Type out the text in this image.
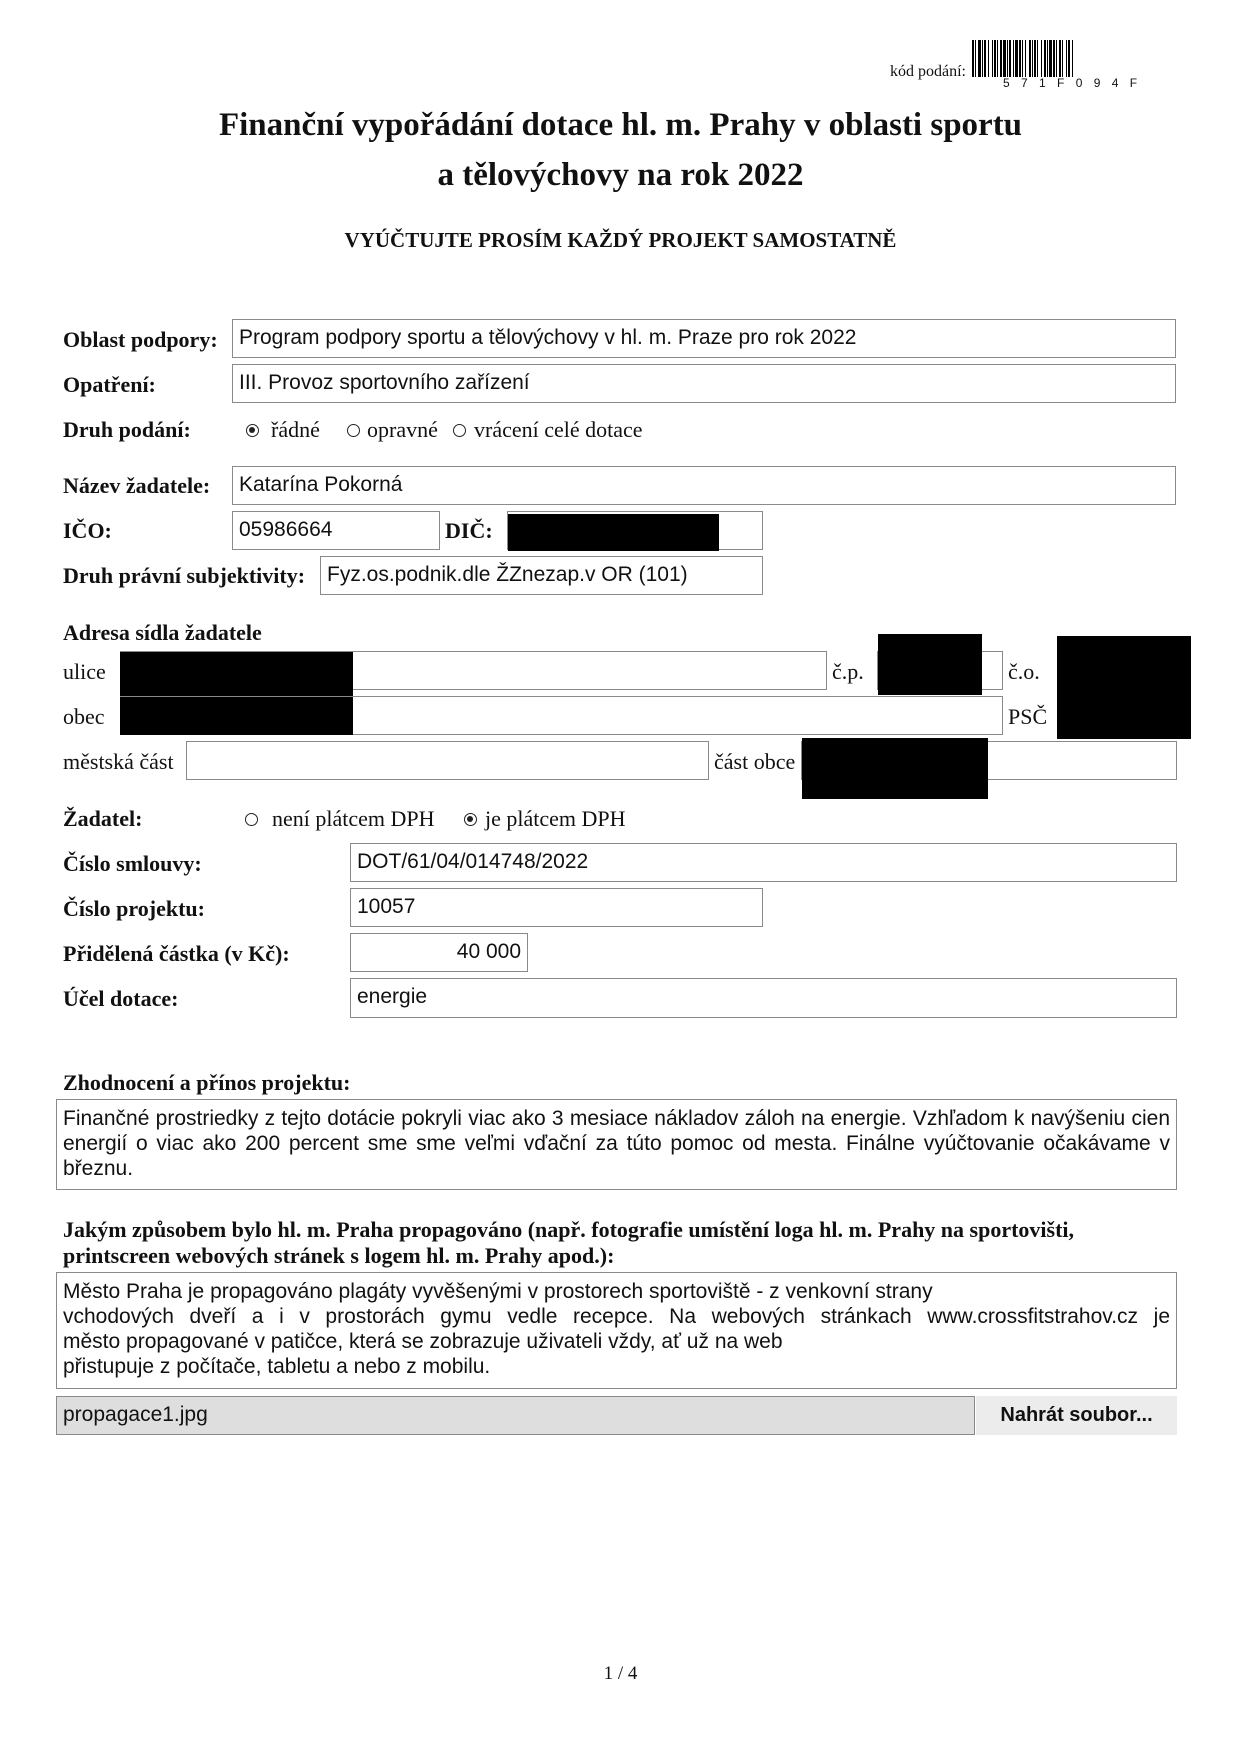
kód podání:
5 7 1 F 0 9 4 F
Finanční vypořádání dotace hl. m. Prahy v oblasti sportu
a tělovýchovy na rok 2022
VYÚČTUJTE PROSÍM KAŽDÝ PROJEKT SAMOSTATNĚ
Oblast podpory:	Program podpory sportu a tělovýchovy v hl. m. Praze pro rok 2022
Opatření:	III. Provoz sportovního zařízení
Druh podání:	řádné opravné vrácení celé dotace
Název žadatele:	Katarína Pokorná
IČO:	05986664	DIČ:
Druh právní subjektivity:	Fyz.os.podnik.dle ŽZnezap.v OR (101)
Adresa sídla žadatele
ulice	č.p.	č.o.
obec	PSČ
městská část	část obce
Žadatel:	není plátcem DPH je plátcem DPH
Číslo smlouvy:	DOT/61/04/014748/2022
Číslo projektu:	10057
Přidělená částka (v Kč):	40 000
Účel dotace:	energie
Zhodnocení a přínos projektu:
Finančné prostriedky z tejto dotácie pokryli viac ako 3 mesiace nákladov záloh na energie. Vzhľadom k navýšeniu cien energií o viac ako 200 percent sme sme veľmi vďační za túto pomoc od mesta. Finálne vyúčtovanie očakávame v březnu.
Jakým způsobem bylo hl. m. Praha propagováno (např. fotografie umístění loga hl. m. Prahy na sportovišti,
printscreen webových stránek s logem hl. m. Prahy apod.):
Město Praha je propagováno plagáty vyvěšenými v prostorech sportoviště - z venkovní strany
vchodových dveří a i v prostorách gymu vedle recepce. Na webových stránkach www.crossfitstrahov.cz je
město propagované v patičce, která se zobrazuje uživateli vždy, ať už na web
přistupuje z počítače, tabletu a nebo z mobilu.
propagace1.jpg	Nahrát soubor...
1 / 4
